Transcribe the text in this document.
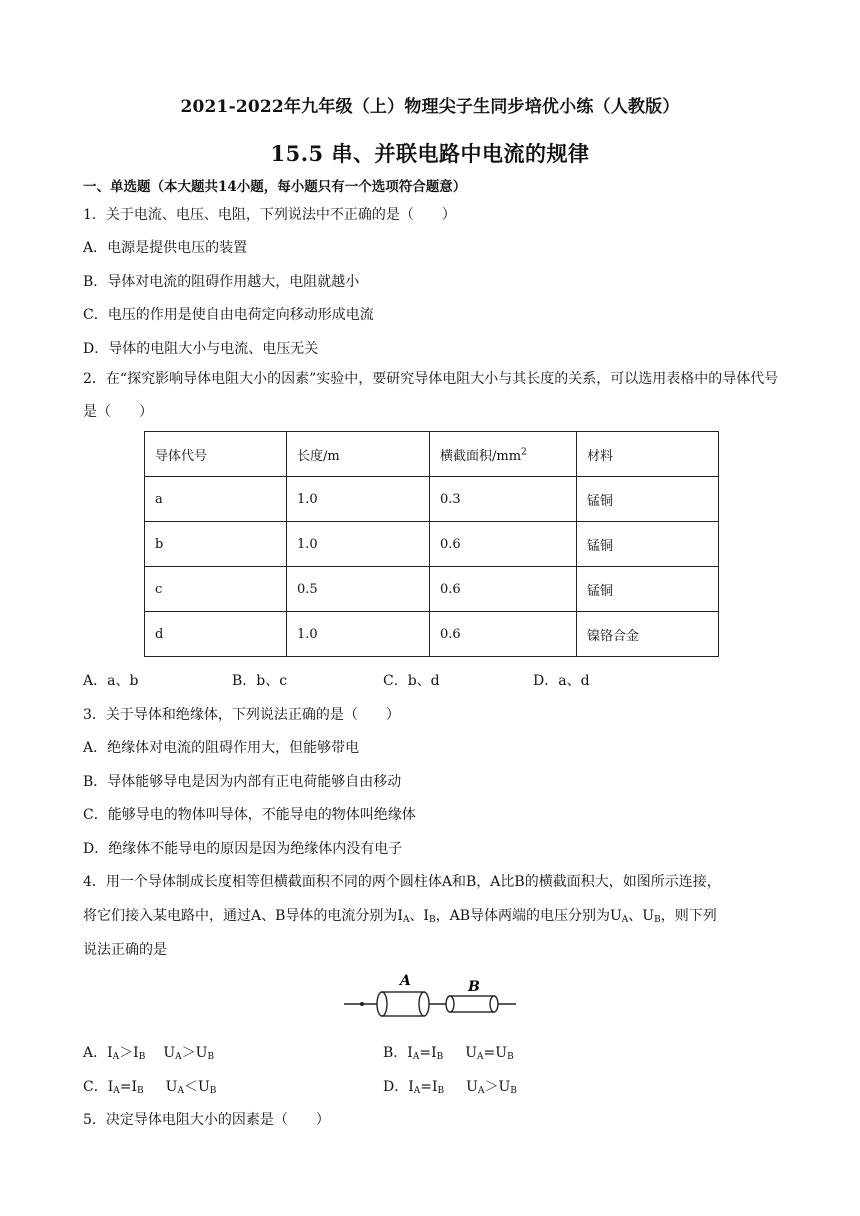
2021-2022年九年级（上）物理尖子生同步培优小练（人教版）
15.5 串、并联电路中电流的规律
一、单选题（本大题共14小题，每小题只有一个选项符合题意）
1．关于电流、电压、电阻，下列说法中不正确的是（　　）
A．电源是提供电压的装置
B．导体对电流的阻碍作用越大，电阻就越小
C．电压的作用是使自由电荷定向移动形成电流
D．导体的电阻大小与电流、电压无关
2．在“探究影响导体电阻大小的因素”实验中，要研究导体电阻大小与其长度的关系，可以选用表格中的导体代号是（　　）
导体代号	长度/m	横截面积$/mm^2$	材料
a	1.0	0.3	锰铜
b	1.0	0.6	锰铜
c	0.5	0.6	锰铜
d	1.0	0.6	镍铬合金
A．a、b	B．b、c	C．b、d	D．a、d
3．关于导体和绝缘体，下列说法正确的是（　　）
A．绝缘体对电流的阻碍作用大，但能够带电
B．导体能够导电是因为内部有正电荷能够自由移动
C．能够导电的物体叫导体，不能导电的物体叫绝缘体
D．绝缘体不能导电的原因是因为绝缘体内没有电子
4．用一个导体制成长度相等但横截面积不同的两个圆柱体A和B，A比B的横截面积大，如图所示连接，
将它们接入某电路中，通过A、B导体的电流分别为$I_A$、$I_B$，AB导体两端的电压分别为$U_A$、$U_B$，则下列
说法正确的是
A	B
A．$I_A>I_B$ $U_A>U_B$	B．$I_A=I_B$ $U_A=U_B$
C．$I_A=I_B$ $U_A<U_B$	D．$I_A=I_B$ $U_A>U_B$
5．决定导体电阻大小的因素是（　　）
